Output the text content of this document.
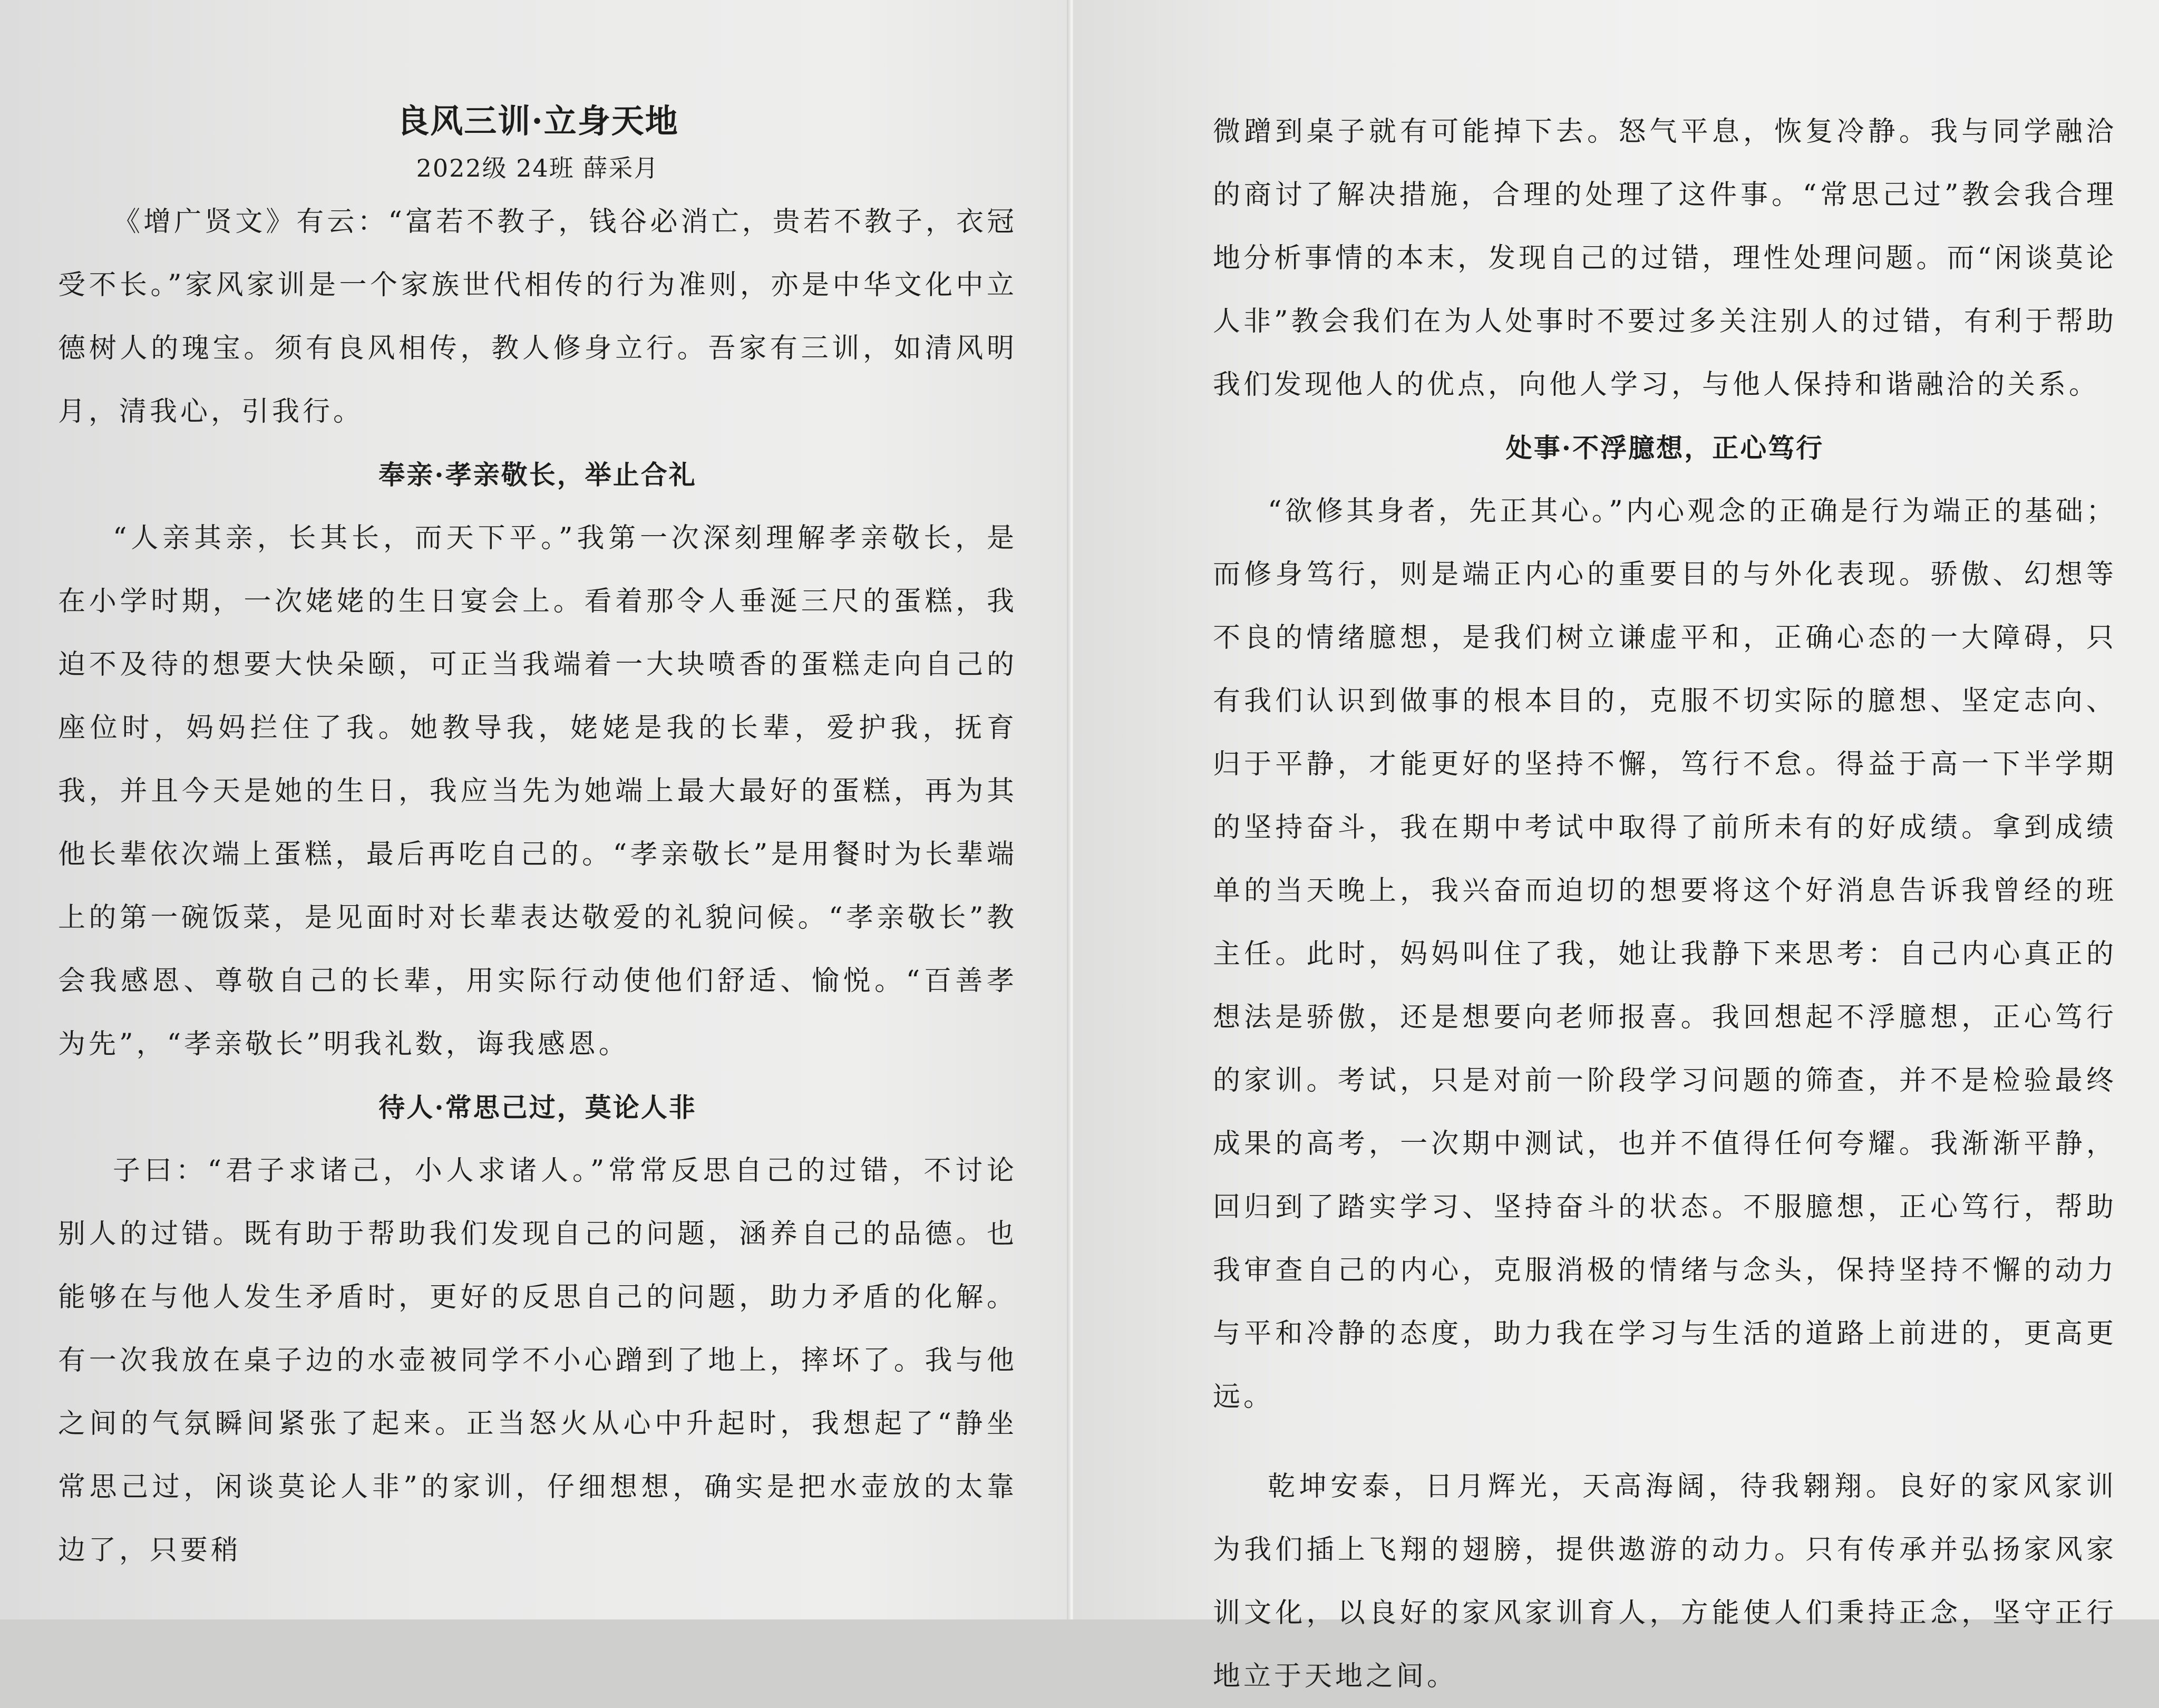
良风三训·立身天地
2022级 24班 薛采月

《增广贤文》有云：“富若不教子，钱谷必消亡，贵若不教子，衣冠受不长。”家风家训是一个家族世代相传的行为准则，亦是中华文化中立德树人的瑰宝。须有良风相传，教人修身立行。吾家有三训，如清风明月，清我心，引我行。

奉亲·孝亲敬长，举止合礼

“人亲其亲，长其长，而天下平。”我第一次深刻理解孝亲敬长，是在小学时期，一次姥姥的生日宴会上。看着那令人垂涎三尺的蛋糕，我迫不及待的想要大快朵颐，可正当我端着一大块喷香的蛋糕走向自己的座位时，妈妈拦住了我。她教导我，姥姥是我的长辈，爱护我，抚育我，并且今天是她的生日，我应当先为她端上最大最好的蛋糕，再为其他长辈依次端上蛋糕，最后再吃自己的。“孝亲敬长”是用餐时为长辈端上的第一碗饭菜，是见面时对长辈表达敬爱的礼貌问候。“孝亲敬长”教会我感恩、尊敬自己的长辈，用实际行动使他们舒适、愉悦。“百善孝为先”，“孝亲敬长”明我礼数，诲我感恩。

待人·常思己过，莫论人非

子曰：“君子求诸己，小人求诸人。”常常反思自己的过错，不讨论别人的过错。既有助于帮助我们发现自己的问题，涵养自己的品德。也能够在与他人发生矛盾时，更好的反思自己的问题，助力矛盾的化解。有一次我放在桌子边的水壶被同学不小心蹭到了地上，摔坏了。我与他之间的气氛瞬间紧张了起来。正当怒火从心中升起时，我想起了“静坐常思己过，闲谈莫论人非”的家训，仔细想想，确实是把水壶放的太靠边了，只要稍

微蹭到桌子就有可能掉下去。怒气平息，恢复冷静。我与同学融洽的商讨了解决措施，合理的处理了这件事。“常思己过”教会我合理地分析事情的本末，发现自己的过错，理性处理问题。而“闲谈莫论人非”教会我们在为人处事时不要过多关注别人的过错，有利于帮助我们发现他人的优点，向他人学习，与他人保持和谐融洽的关系。

处事·不浮臆想，正心笃行

“欲修其身者，先正其心。”内心观念的正确是行为端正的基础；而修身笃行，则是端正内心的重要目的与外化表现。骄傲、幻想等不良的情绪臆想，是我们树立谦虚平和，正确心态的一大障碍，只有我们认识到做事的根本目的，克服不切实际的臆想、坚定志向、归于平静，才能更好的坚持不懈，笃行不怠。得益于高一下半学期的坚持奋斗，我在期中考试中取得了前所未有的好成绩。拿到成绩单的当天晚上，我兴奋而迫切的想要将这个好消息告诉我曾经的班主任。此时，妈妈叫住了我，她让我静下来思考：自己内心真正的想法是骄傲，还是想要向老师报喜。我回想起不浮臆想，正心笃行的家训。考试，只是对前一阶段学习问题的筛查，并不是检验最终成果的高考，一次期中测试，也并不值得任何夸耀。我渐渐平静，回归到了踏实学习、坚持奋斗的状态。不服臆想，正心笃行，帮助我审查自己的内心，克服消极的情绪与念头，保持坚持不懈的动力与平和冷静的态度，助力我在学习与生活的道路上前进的，更高更远。

乾坤安泰，日月辉光，天高海阔，待我翱翔。良好的家风家训为我们插上飞翔的翅膀，提供遨游的动力。只有传承并弘扬家风家训文化，以良好的家风家训育人，方能使人们秉持正念，坚守正行地立于天地之间。
